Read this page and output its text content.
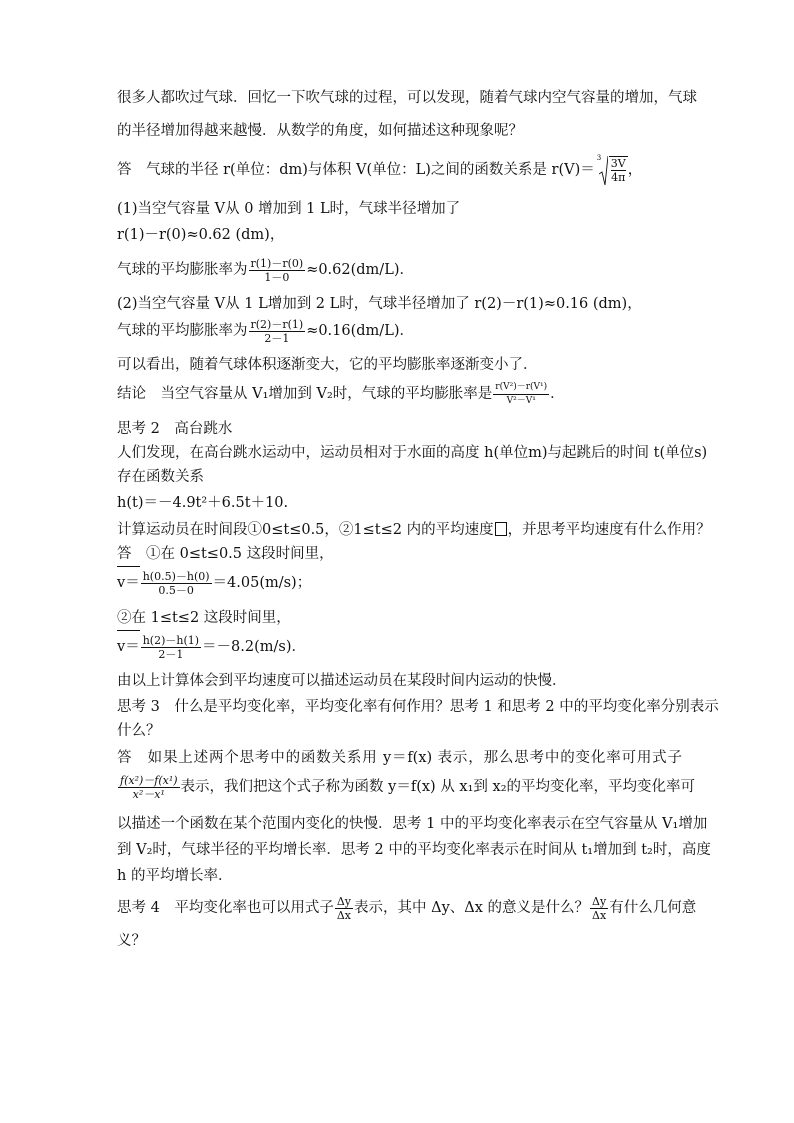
很多人都吹过气球．回忆一下吹气球的过程，可以发现，随着气球内空气容量的增加，气球
的半径增加得越来越慢．从数学的角度，如何描述这种现象呢？
答　气球的半径 r(单位：dm)与体积 V(单位：L)之间的函数关系是 r(V)＝
$3 \frac{3V}{4\pi}$ ，
(1)当空气容量 V从 0 增加到 1 L时，气球半径增加了
r(1)－r(0)≈0.62 (dm)，
气球的平均膨胀率为 $\frac{r(1)-r(0)}{1-0} \approx 0.62(dm/L)$．
(2)当空气容量 V从 1 L增加到 2 L时，气球半径增加了 r(2)－r(1)≈0.16 (dm)，
气球的平均膨胀率为 $\frac{r(2)-r(1)}{2-1} \approx 0.16(dm/L)$．
可以看出，随着气球体积逐渐变大，它的平均膨胀率逐渐变小了．
结论　当空气容量从 V₁增加到 V₂时，气球的平均膨胀率是 $\frac{\text{r(V²)－r(V¹)}}{\text{V²－V¹}}$ ．
思考 2　高台跳水
人们发现，在高台跳水运动中，运动员相对于水面的高度 h(单位m)与起跳后的时间 t(单位s)
存在函数关系
h(t)＝－4.9t²＋6.5t＋10.
计算运动员在时间段①0≤t≤0.5，②1≤t≤2 内的平均速度 ，并思考平均速度有什么作用？
答　①在 0≤t≤0.5 这段时间里，
$v= \frac{h(0.5)-h(0)}{0.5-0} =4.05(m/s)$；
②在 1≤t≤2 这段时间里，
$v= \frac{h(2)-h(1)}{2-1} =-8.2(m/s)$．
由以上计算体会到平均速度可以描述运动员在某段时间内运动的快慢．
思考 3　什么是平均变化率，平均变化率有何作用？思考 1 和思考 2 中的平均变化率分别表示
什么？
答　如果上述两个思考中的函数关系用 y＝f(x) 表示，那么思考中的变化率可用式子
$\frac{\text{f(x²)－f(x¹)}}{\text{x²－x¹}}$ 表示，我们把这个式子称为函数 y＝f(x) 从 x₁到 x₂的平均变化率，平均变化率可
以描述一个函数在某个范围内变化的快慢．思考 1 中的平均变化率表示在空气容量从 V₁增加
到 V₂时，气球半径的平均增长率．思考 2 中的平均变化率表示在时间从 t₁增加到 t₂时，高度
h 的平均增长率．
思考 4　平均变化率也可以用式子 $\frac{\Delta y}{\Delta x}$ 表示，其中 Δy、Δx 的意义是什么？ $\frac{\Delta y}{\Delta x}$ 有什么几何意
义？
